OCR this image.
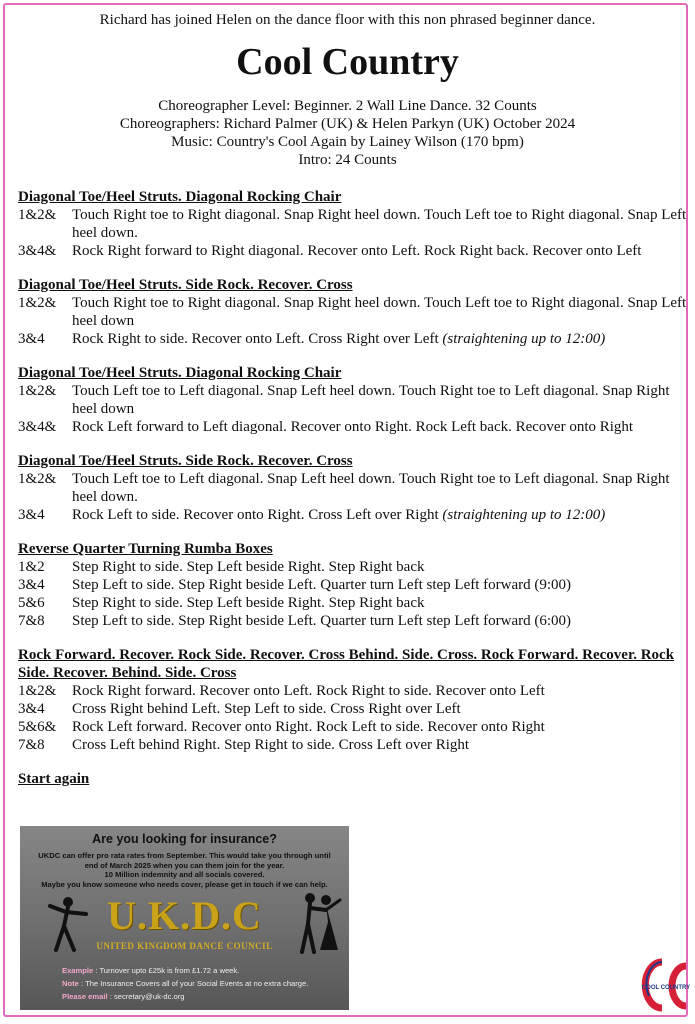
Richard has joined Helen on the dance floor with this non phrased beginner dance.
Cool Country
Choreographer Level: Beginner. 2 Wall Line Dance. 32 Counts
Choreographers: Richard Palmer (UK) & Helen Parkyn (UK) October 2024
Music: Country's Cool Again by Lainey Wilson (170 bpm)
Intro: 24 Counts
Diagonal Toe/Heel Struts. Diagonal Rocking Chair
1&2&	Touch Right toe to Right diagonal. Snap Right heel down. Touch Left toe to Right diagonal. Snap Left heel down.
3&4&	Rock Right forward to Right diagonal. Recover onto Left. Rock Right back. Recover onto Left
Diagonal Toe/Heel Struts. Side Rock. Recover. Cross
1&2&	Touch Right toe to Right diagonal. Snap Right heel down. Touch Left toe to Right diagonal. Snap Left heel down
3&4	Rock Right to side. Recover onto Left. Cross Right over Left (straightening up to 12:00)
Diagonal Toe/Heel Struts. Diagonal Rocking Chair
1&2&	Touch Left toe to Left diagonal. Snap Left heel down. Touch Right toe to Left diagonal. Snap Right heel down
3&4&	Rock Left forward to Left diagonal. Recover onto Right. Rock Left back. Recover onto Right
Diagonal Toe/Heel Struts. Side Rock. Recover. Cross
1&2&	Touch Left toe to Left diagonal. Snap Left heel down. Touch Right toe to Left diagonal. Snap Right heel down.
3&4	Rock Left to side. Recover onto Right. Cross Left over Right (straightening up to 12:00)
Reverse Quarter Turning Rumba Boxes
1&2	Step Right to side. Step Left beside Right. Step Right back
3&4	Step Left to side. Step Right beside Left. Quarter turn Left step Left forward (9:00)
5&6	Step Right to side. Step Left beside Right. Step Right back
7&8	Step Left to side. Step Right beside Left. Quarter turn Left step Left forward (6:00)
Rock Forward. Recover. Rock Side. Recover. Cross Behind. Side. Cross. Rock Forward. Recover. Rock Side. Recover. Behind. Side. Cross
1&2&	Rock Right forward. Recover onto Left. Rock Right to side. Recover onto Left
3&4	Cross Right behind Left. Step Left to side. Cross Right over Left
5&6&	Rock Left forward. Recover onto Right. Rock Left to side. Recover onto Right
7&8	Cross Left behind Right. Step Right to side. Cross Left over Right
Start again
Are you looking for insurance?
UKDC can offer pro rata rates from September. This would take you through until
end of March 2025 when you can them join for the year.
10 Million indemnity and all socials covered.
Maybe you know someone who needs cover, please get in touch if we can help.
U.K.D.C
UNITED KINGDOM DANCE COUNCIL
Example : Turnover upto £25k is from £1.72 a week.
Note : The Insurance Covers all of your Social Events at no extra charge.
Please email : secretary@uk-dc.org
COOL COUNTRY
